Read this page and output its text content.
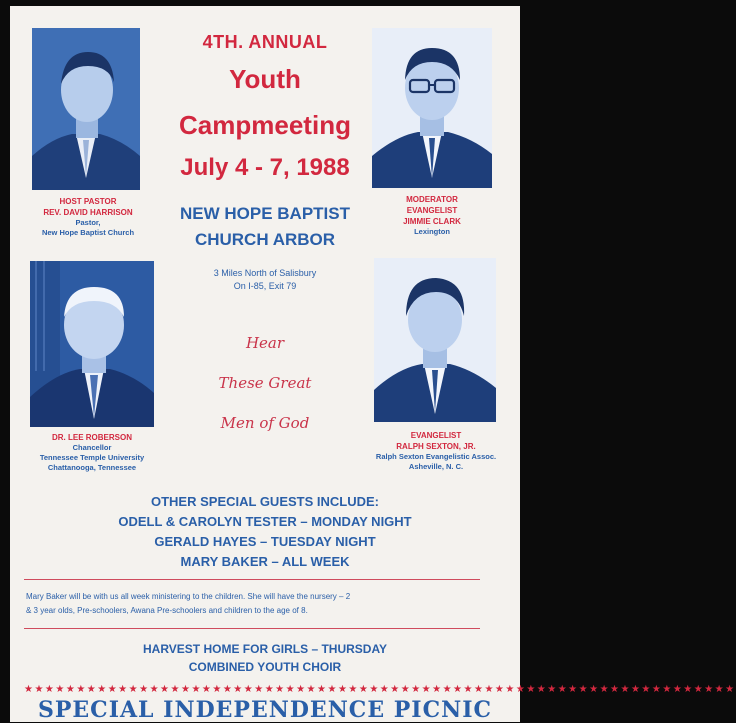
HOST PASTOR
REV. DAVID HARRISON
Pastor,
New Hope Baptist Church
MODERATOR
EVANGELIST
JIMMIE CLARK
Lexington
DR. LEE ROBERSON
Chancellor
Tennessee Temple University
Chattanooga, Tennessee
EVANGELIST
RALPH SEXTON, JR.
Ralph Sexton Evangelistic Assoc.
Asheville, N. C.
4TH. ANNUAL
Youth
Campmeeting
July 4 - 7, 1988
NEW HOPE BAPTIST
CHURCH ARBOR
3 Miles North of Salisbury
On I-85, Exit 79
Hear
These Great
Men of God
OTHER SPECIAL GUESTS INCLUDE:
ODELL & CAROLYN TESTER – MONDAY NIGHT
GERALD HAYES – TUESDAY NIGHT
MARY BAKER – ALL WEEK
Mary Baker will be with us all week ministering to the children. She will have the nursery – 2
& 3 year olds, Pre-schoolers, Awana Pre-schoolers and children to the age of 8.
HARVEST HOME FOR GIRLS – THURSDAY
COMBINED YOUTH CHOIR
★★★★★★★★★★★★★★★★★★★★★★★★★★★★★★★★★★★★★★★★★★★★★★★★★★★★★★★★★★★★★★★★★★★★
SPECIAL INDEPENDENCE PICNIC
